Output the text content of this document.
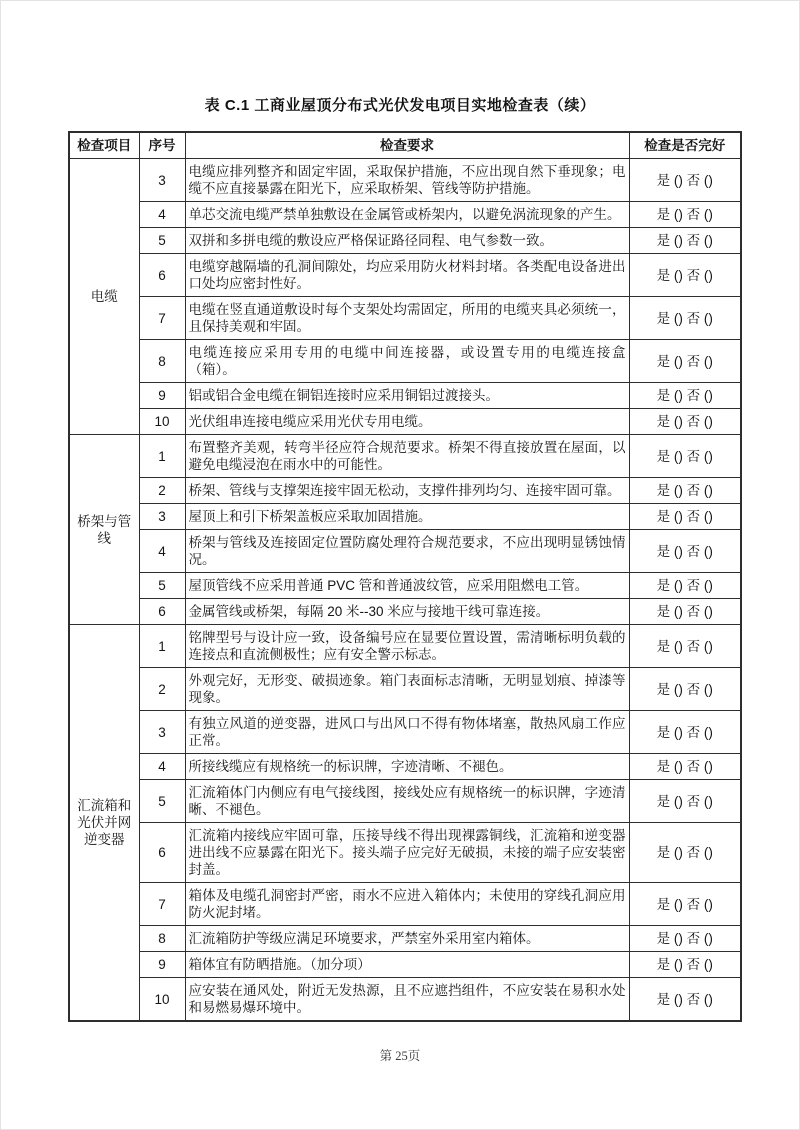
表 C.1 工商业屋顶分布式光伏发电项目实地检查表（续）
检查项目	序号	检查要求	检查是否完好
电缆	3	电缆应排列整齐和固定牢固，采取保护措施，不应出现自然下垂现象；电缆不应直接暴露在阳光下，应采取桥架、管线等防护措施。	是 () 否 ()
	4	单芯交流电缆严禁单独敷设在金属管或桥架内，以避免涡流现象的产生。	是 () 否 ()
	5	双拼和多拼电缆的敷设应严格保证路径同程、电气参数一致。	是 () 否 ()
	6	电缆穿越隔墙的孔洞间隙处，均应采用防火材料封堵。各类配电设备进出口处均应密封性好。	是 () 否 ()
	7	电缆在竖直通道敷设时每个支架处均需固定，所用的电缆夹具必须统一，且保持美观和牢固。	是 () 否 ()
	8	电缆连接应采用专用的电缆中间连接器，或设置专用的电缆连接盒（箱）。	是 () 否 ()
	9	铝或铝合金电缆在铜铝连接时应采用铜铝过渡接头。	是 () 否 ()
	10	光伏组串连接电缆应采用光伏专用电缆。	是 () 否 ()
桥架与管线	1	布置整齐美观，转弯半径应符合规范要求。桥架不得直接放置在屋面，以避免电缆浸泡在雨水中的可能性。	是 () 否 ()
	2	桥架、管线与支撑架连接牢固无松动，支撑件排列均匀、连接牢固可靠。	是 () 否 ()
	3	屋顶上和引下桥架盖板应采取加固措施。	是 () 否 ()
	4	桥架与管线及连接固定位置防腐处理符合规范要求，不应出现明显锈蚀情况。	是 () 否 ()
	5	屋顶管线不应采用普通 PVC 管和普通波纹管，应采用阻燃电工管。	是 () 否 ()
	6	金属管线或桥架，每隔 20 米--30 米应与接地干线可靠连接。	是 () 否 ()
汇流箱和光伏并网逆变器	1	铭牌型号与设计应一致，设备编号应在显要位置设置，需清晰标明负载的连接点和直流侧极性；应有安全警示标志。	是 () 否 ()
	2	外观完好，无形变、破损迹象。箱门表面标志清晰，无明显划痕、掉漆等现象。	是 () 否 ()
	3	有独立风道的逆变器，进风口与出风口不得有物体堵塞，散热风扇工作应正常。	是 () 否 ()
	4	所接线缆应有规格统一的标识牌，字迹清晰、不褪色。	是 () 否 ()
	5	汇流箱体门内侧应有电气接线图，接线处应有规格统一的标识牌，字迹清晰、不褪色。	是 () 否 ()
	6	汇流箱内接线应牢固可靠，压接导线不得出现裸露铜线，汇流箱和逆变器进出线不应暴露在阳光下。接头端子应完好无破损，未接的端子应安装密封盖。	是 () 否 ()
	7	箱体及电缆孔洞密封严密，雨水不应进入箱体内；未使用的穿线孔洞应用防火泥封堵。	是 () 否 ()
	8	汇流箱防护等级应满足环境要求，严禁室外采用室内箱体。	是 () 否 ()
	9	箱体宜有防晒措施。（加分项）	是 () 否 ()
	10	应安装在通风处，附近无发热源，且不应遮挡组件，不应安装在易积水处和易燃易爆环境中。	是 () 否 ()
第 25页
